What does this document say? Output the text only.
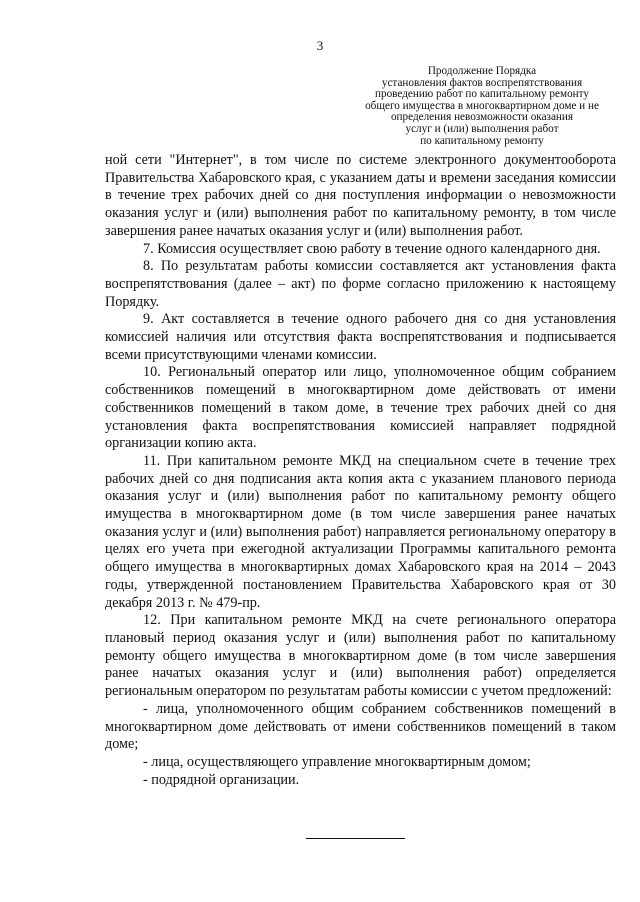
3
Продолжение Порядка
установления фактов воспрепятствования
проведению работ по капитальному ремонту
общего имущества в многоквартирном доме и не
определения невозможности оказания
услуг и (или) выполнения работ
по капитальному ремонту

ной сети "Интернет", в том числе по системе электронного документооборота Правительства Хабаровского края, с указанием даты и времени заседания комиссии в течение трех рабочих дней со дня поступления информации о невозможности оказания услуг и (или) выполнения работ по капитальному ремонту, в том числе завершения ранее начатых оказания услуг и (или) выполнения работ.

7. Комиссия осуществляет свою работу в течение одного календарного дня.

8. По результатам работы комиссии составляется акт установления факта воспрепятствования (далее – акт) по форме согласно приложению к настоящему Порядку.

9. Акт составляется в течение одного рабочего дня со дня установления комиссией наличия или отсутствия факта воспрепятствования и подписывается всеми присутствующими членами комиссии.

10. Региональный оператор или лицо, уполномоченное общим собранием собственников помещений в многоквартирном доме действовать от имени собственников помещений в таком доме, в течение трех рабочих дней со дня установления факта воспрепятствования комиссией направляет подрядной организации копию акта.

11. При капитальном ремонте МКД на специальном счете в течение трех рабочих дней со дня подписания акта копия акта с указанием планового периода оказания услуг и (или) выполнения работ по капитальному ремонту общего имущества в многоквартирном доме (в том числе завершения ранее начатых оказания услуг и (или) выполнения работ) направляется региональному оператору в целях его учета при ежегодной актуализации Программы капитального ремонта общего имущества в многоквартирных домах Хабаровского края на 2014 – 2043 годы, утвержденной постановлением Правительства Хабаровского края от 30 декабря 2013 г. № 479-пр.

12. При капитальном ремонте МКД на счете регионального оператора плановый период оказания услуг и (или) выполнения работ по капитальному ремонту общего имущества в многоквартирном доме (в том числе завершения ранее начатых оказания услуг и (или) выполнения работ) определяется региональным оператором по результатам работы комиссии с учетом предложений:

- лица, уполномоченного общим собранием собственников помещений в многоквартирном доме действовать от имени собственников помещений в таком доме;

- лица, осуществляющего управление многоквартирным домом;

- подрядной организации.
